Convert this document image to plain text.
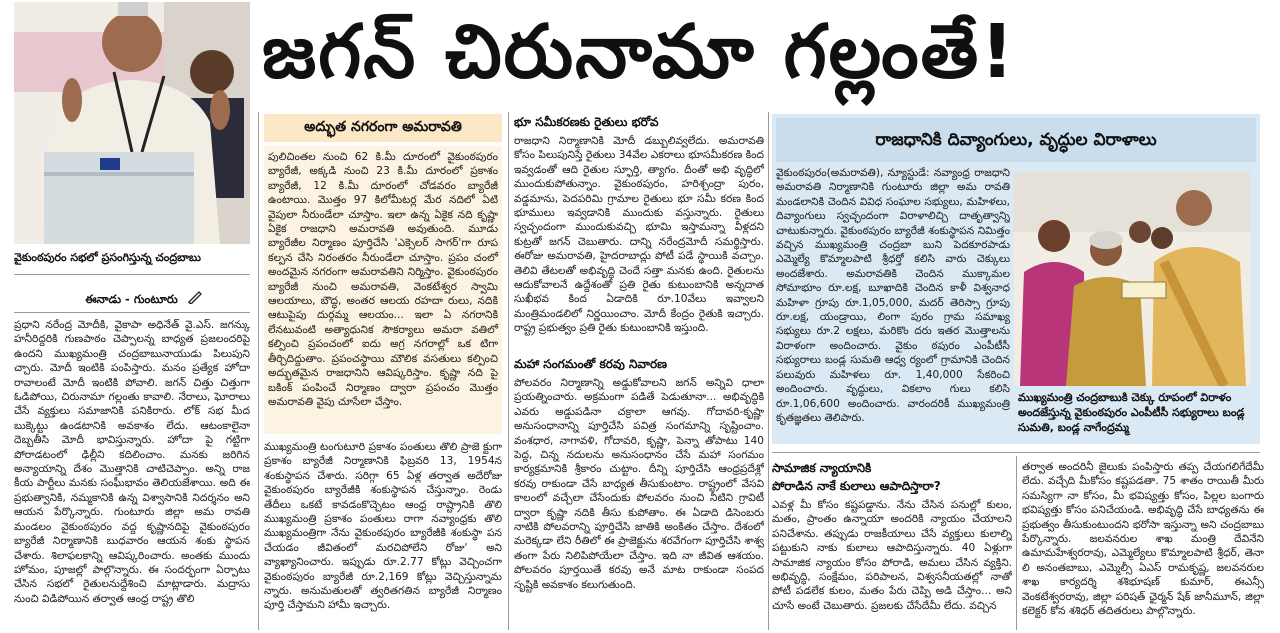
జగన్ చిరునామా గల్లంతే!
వైకుంఠపురం సభలో ప్రసంగిస్తున్న చంద్రబాబు
ఈనాడు - గుంటూరు
ప్రధాని నరేంద్ర మోదీకి, వైకాపా అధినేత్ వై.ఎస్. జగన్కు హనీరిద్దరికి గుణపాఠం చెప్పాలన్న బాధ్యత ప్రజలందరిపై ఉందని ముఖ్యమంత్రి చంద్రబాబునాయుడు పిలుపుని చ్చారు. మోదీ ఇంటికి పంపిస్తారు. మనం ప్రత్యేక హోదా రావాలంటే మోదీ ఇంటికి పోవాలి. జగన్ చిత్తు చిత్తుగా ఓడిపోయి, చిరునామా గల్లంతు కావాలి. నేరాలు, ఘోరాలు చేసే వ్యక్తులు సమాజానికి పనికిరారు. లోక్ సభ మీద బుక్కెట్టు ఉండటానికి అవకాశం లేదు. ఆటంకాలైనా దెబ్బతీసి మోదీ భావిస్తున్నారు. హోదా పై గట్టిగా పోరాడటంలో ఢిల్లీని కదిలించాం. మనకు జరిగిన అన్యాయాన్ని దేశం మొత్తానికి చాటిచెప్పాం. అన్ని రాజ కీయ పార్టీలు మనకు సంఘీభావం తెలియజేశాయి. అది ఈ ప్రభుత్వానికి, నమ్మకానికి ఉన్న విశ్వాసానికి నిదర్శనం అని ఆయన పేర్కొన్నారు. గుంటూరు జిల్లా అమ రావతి మండలం వైకుంఠపురం వద్ద కృష్ణానదిపై వైకుంఠపురం బ్యారేజీ నిర్మాణానికి బుధవారం ఆయన శంకు స్థాపన చేశారు. శిలాఫలకాన్ని ఆవిష్కరించారు. అంతకు ముందు హోమం, పూజల్లో పాల్గొన్నారు. ఈ సందర్భంగా ఏర్పాటు చేసిన సభలో రైతులనుద్దేశించి మాట్లాడారు. మద్రాసు నుంచి విడిపోయిన తర్వాత ఆంధ్ర రాష్ట్ర తొలి
అద్భుత నగరంగా అమరావతి
పులిచింతల నుంచి 62 కి.మీ దూరంలో వైకుంఠపురం బ్యారేజీ, అక్కడి నుంచి 23 కి.మీ దూరంలో ప్రకాశం బ్యారేజీ, 12 కి.మీ దూరంలో చోడవరం బ్యారేజీ ఉంటాయి. మొత్తం 97 కిలోమీటర్ల మేర నదిలో ఏటి వైపులా నీరుండేలా చూస్తాం. ఇలా ఉన్న ఏకైక నది కృష్ణా ఏకైక రాజధాని అమరావతి అవుతుంది. మూడు బ్యారేజీల నిర్మాణం పూర్తిచేసి 'ఎక్సెలర్ సాగర్'గా రూప కల్పన చేసి నిరంతరం నీరుండేలా చూస్తాం. ప్రపం చంలో అందమైన నగరంగా అమరావతిని నిర్మిస్తాం. వైకుంఠపురం బ్యారేజీ నుంచి అమరావతి, వెంకటేశ్వర స్వామి ఆలయాలు, బౌద్ధ, అంతర ఆలయ రహదా రులు, నదికి ఆటుపైపు దుర్గమ్మ ఆలయం... ఇలా ఏ నగరానికి లేనటువంటి అత్యాధునిక సౌకర్యాలు అమరా వతిలో కల్పించి ప్రపంచంలో ఐదు అగ్ర నగరాల్లో ఒక టిగా తీర్చిదిద్దుతాం. ప్రపంచస్థాయి మౌలిక వసతులు కల్పించి అద్భుతమైన రాజధానిని ఆవిష్కరిస్తాం. కృష్ణా నది పై బకింక్ పంపించే నిర్మాణం ద్వారా ప్రపంచం మొత్తం అమరావతి వైపు చూసేలా చేస్తాం.
ముఖ్యమంత్రి టంగుటూరి ప్రకాశం పంతులు తొలి ప్రాజె క్టుగా ప్రకాశం బ్యారేజీ నిర్మాణానికి ఫిబ్రవరి 13, 1954న శంకుస్థాపన చేశారు. సరిగ్గా 65 ఏళ్ల తర్వాత అదేరోజు వైకుంఠపురం బ్యారేజీకి శంకుస్థాపన చేస్తున్నాం. రెండు తేదీలు ఒకటే కావడంకొచ్చెటం ఆంధ్ర రాష్ట్రానికి తొలి ముఖ్యమంత్రి ప్రకాశం పంతులు రాగా నవ్యాంధ్రకు తొలి ముఖ్యమంత్రిగా నేను వైకుంఠపురం బ్యారేజీకి శంకుస్థా పన చేయడం జీవితంలో మరచిపోలేని రోజు' అని వ్యాఖ్యానించారు. ఇప్పుడు రూ.2.77 కోట్లు వెచ్చించగా వైకుంఠపురం బ్యారేజీ రూ.2,169 కోట్లు వెచ్చిస్తున్నామ న్నారు. అనుమతులతో త్వరితగతిన బ్యారేజీ నిర్మాణం పూర్తి చేస్తామని హామీ ఇచ్చారు.
భూ సమీకరణకు రైతులు భరోవ
రాజధాని నిర్మాణానికి మోదీ డబ్బులివ్వలేదు. అమరావతి కోసం పిలుపునిస్తే రైతులు 34వేల ఎకరాలు భూసమీకరణ కింద ఇవ్వడంతో ఆది రైతుల స్ఫూర్తి, త్యాగం. దీంతో అభి వృద్ధిలో ముందుకుపోతున్నాం. వైకుంఠపురం, హరిశ్చంద్రా పురం, వడ్డమాను, పెదపరిమి గ్రామాల రైతులు భూ సమీ కరణ కింద భూములు ఇవ్వడానికి ముందుకు వస్తున్నారు. రైతులు స్వచ్ఛందంగా ముందుకువచ్చి భూమి ఇస్తామన్నా వీళ్లదని కుట్రతో జగన్ చెబుతారు. దాన్ని నరేంద్రమోదీ సమర్థిస్తారు. ఈరోజు అమరావతి, హైదరాబాద్లు పోటీ పడే స్థాయికి వచ్చాం. తెలివి తేటలతో అభివృద్ధి చెందే సత్తా మనకు ఉంది. రైతులను ఆదుకోవాలనే ఉద్దేశంతో ప్రతి రైతు కుటుంబానికి అన్నదాత సుఖీభవ కింద ఏడాదికి రూ.10వేలు ఇవ్వాలని మంత్రిమండలిలో నిర్ణయించాం. మోదీ కేంద్రం రైతుకి ఇచ్చారు. రాష్ట్ర ప్రభుత్వం ప్రతి రైతు కుటుంబానికి ఇస్తుంది.
మహా సంగమంతో కరవు నివారణ
పోలవరం నిర్మాణాన్ని అడ్డుకోవాలని జగన్ అన్నివి ధాలా ప్రయత్నించారు. అక్రమంగా పడితే పెడుతూనా... అభివృద్ధికి ఎవరు అడ్డుపడినా చక్రాలా ఆగవు. గోదావరి-కృష్ణా అనుసంధానాన్ని పూర్తిచేసి పవిత్ర సంగమాన్ని సృష్టించాం. వంశధార, నాగావళి, గోదావరి, కృష్ణా, పెన్నా తోపాటు 140 పెద్ద, చిన్న నదులను అనుసంధానం చేసే మహా సంగమం కార్యక్రమానికి శ్రీకారం చుట్టాం. దీన్ని పూర్తిచేసి ఆంధ్రప్రదేశ్లో కరవు రాకుండా చేసే బాధ్యత తీసుకుంటాం. రాష్ట్రంలో వేసవి కాలంలో వచ్చేలా చేసేందుకు పోలవరం నుంచి నీటిని గ్రావిటీ ద్వారా కృష్ణా నదికి తీసు కుపోతాం. ఈ ఏడాది డిసెంబరు నాటికి పోలవరాన్ని పూర్తిచేసి జాతికి అంకితం చేస్తాం. దేశంలో మరెక్కడా లేని రీతిలో ఈ ప్రాజెక్టును శరవేగంగా పూర్తిచేసి శాశ్వ తంగా పేరు నిలిపిపోయేలా చేస్తాం. ఇది నా జీవిత ఆశయం. పోలవరం పూర్తయితే కరవు అనే మాట రాకుండా సంపద సృష్టికి అవకాశం కలుగుతుంది.
రాజధానికి దివ్యాంగులు, వృద్ధుల విరాళాలు
వైకుంఠపురం(అమరావతి), న్యూస్టుడే: నవ్యాంధ్ర రాజధాని అమరావతి నిర్మాణానికి గుంటూరు జిల్లా అమ రావతి మండలానికి చెందిన వివిధ సంఘాల సభ్యులు, మహిళలు, దివ్యాంగులు స్వచ్ఛందంగా విరాళాలిచ్చి దాతృత్వాన్ని చాటుకున్నారు. వైకుంఠపురం బ్యారేజీ శంకుస్థాపన నిమిత్తం వచ్చిన ముఖ్యమంత్రి చంద్రబా బుని పెదకూరపాడు ఎమ్మెల్యే కొమ్మాలపాటి శ్రీధర్తో కలిసి వారు చెక్కులు అందజేశారు. అమరావతికి చెందిన ముక్కామల సోమాభూం రూ.లక్ష, బూఖాదికి చెందిన కాళీ విశ్వనాధ మహిళా గ్రూపు రూ.1,05,000, మదర్ తెరిస్సా గ్రూపు రూ.లక్ష, యండ్రాయి, లింగా పురం గ్రామ సమాఖ్య సభ్యులు రూ.2 లక్షలు, మరికొం దరు ఇతర మొత్తాలను విరాళంగా అందించారు. వైకుం ఠపురం ఎంపీటీసీ సభ్యురాలు బండ్ల సుమతి ఆధ్వ ర్యంలో గ్రామానికి చెందిన పలువురు మహిళలు రూ. 1,40,000 సేకరించి అందించారు. వృద్ధులు, వికలాం గులు కలిసి రూ.1,06,600 అందించారు. వారందరికీ ముఖ్యమంత్రి కృతజ్ఞతలు తెలిపారు.
ముఖ్యమంత్రి చంద్రబాబుకి చెక్కు రూపంలో విరాళం అందజేస్తున్న వైకుంఠపురం ఎంపీటీసీ సభ్యురాలు బండ్ల సుమతి, బండ్ల నాగేంద్రమ్మ
సామాజిక న్యాయానికి
పోరాడిన నాకే కులాలు ఆపాదిస్తారా?
ఎవళ్ల మీ కోసం కష్టపడ్డాను. నేను చేసిన పనుల్లో కులం, మతం, ప్రాంతం ఉన్నాయా అందరికి న్యాయం చేయాలని పనిచేశాను. తప్పుడు రాజకీయాలు చేసే వ్యక్తులు కులాల్ని పట్టుకుని నాకు కులాలు ఆపాదిస్తున్నారు. 40 ఏళ్లుగా సామాజిక న్యాయం కోసం పోరాడి, అమలు చేసిన వ్యక్తిని. అభివృద్ధి, సంక్షేమం, పరిపాలన, విశ్వసనీయతల్లో నాతో పోటీ పడలేక కులం, మతం పేరు చెప్పి అడి చేస్తాం... అని చూసే అంటే చెబుతారు. ప్రజలకు చేసేదేమీ లేదు. వచ్చిన
తర్వాత అందరినీ జైలుకు పంపిస్తారు తప్ప చేయగలిగేదేమీ లేదు. వచ్చేది మీకోసం కష్టపడతా. 75 శాతం రాయితీ మీరు సమస్యిగా నా కోసం, మీ భవిష్యత్తు కోసం, పిల్లల బంగారు భవిష్యత్తు కోసం పనిచేయండి. అభివృద్ధి చేసే బాధ్యతను ఈ ప్రభుత్వం తీసుకుంటుందని భరోసా ఇస్తున్నా అని చంద్రబాబు పేర్కొన్నారు. జలవనరుల శాఖ మంత్రి దేవినేని ఉమామహేశ్వరరావు, ఎమ్మెల్యేలు కొమ్మాలపాటి శ్రీధర్, తెనా లి అనంతబాబు, ఎమ్మెల్సీ ఏఎస్ రామకృష్ణ, జలవనరుల శాఖ కార్యదర్శి శశిభూషణ్ కుమార్, ఈఎన్సీ వెంకటేశ్వరరావు, జిల్లా పరిషత్ ఛైర్మన్ షేక్ జానీమూన్, జిల్లా కలెక్టర్ కోన శశిధర్ తదితరులు పాల్గొన్నారు.
